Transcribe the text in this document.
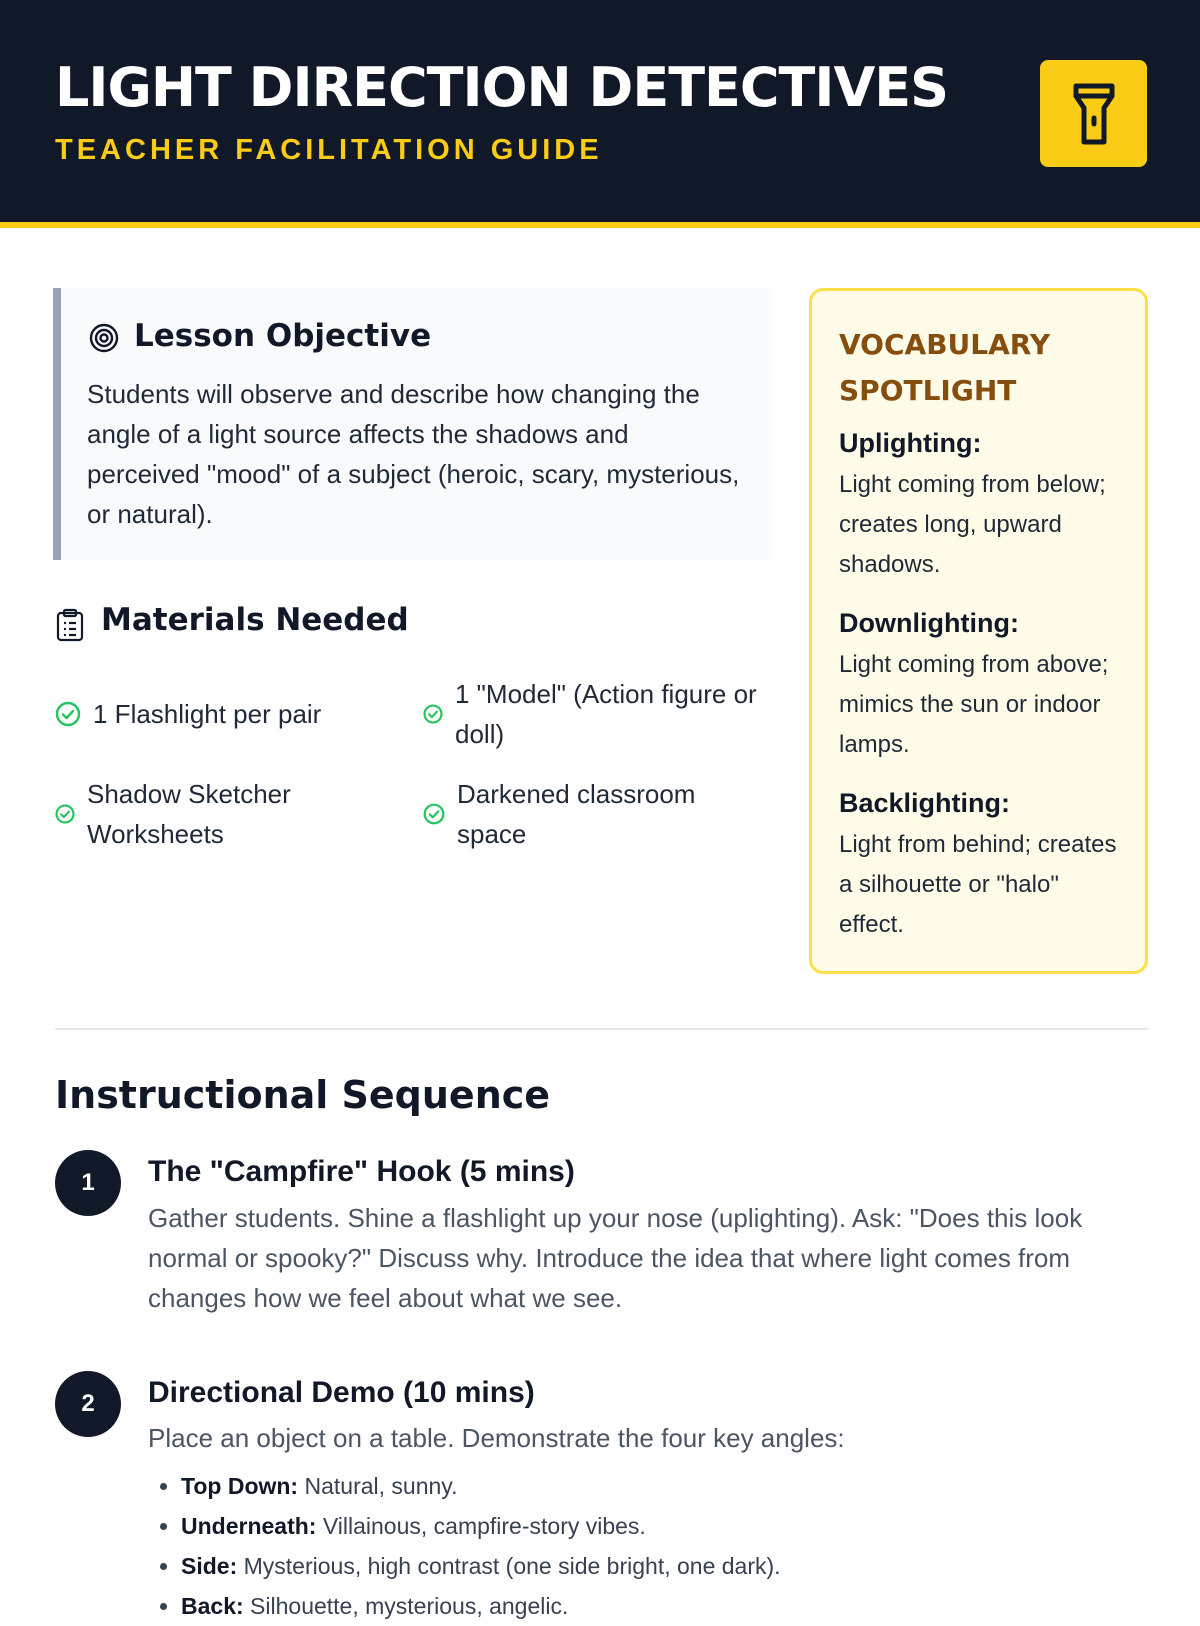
LIGHT DIRECTION DETECTIVES

TEACHER FACILITATION GUIDE

Lesson Objective

Students will observe and describe how changing the angle of a light source affects the shadows and perceived "mood" of a subject (heroic, scary, mysterious, or natural).

Materials Needed
1 Flashlight per pair
1 "Model" (Action figure or doll)
Shadow Sketcher Worksheets
Darkened classroom space
VOCABULARY SPOTLIGHT

Uplighting:

Light coming from below; creates long, upward shadows.

Downlighting:

Light coming from above; mimics the sun or indoor lamps.

Backlighting:

Light from behind; creates a silhouette or "halo" effect.

Instructional Sequence
1	The "Campfire" Hook (5 mins)

Gather students. Shine a flashlight up your nose (uplighting). Ask: "Does this look normal or spooky?" Discuss why. Introduce the idea that where light comes from changes how we feel about what we see.

2	Directional Demo (10 mins)

Place an object on a table. Demonstrate the four key angles:

• Top Down: Natural, sunny.
• Underneath: Villainous, campfire-story vibes.
• Side: Mysterious, high contrast (one side bright, one dark).
• Back: Silhouette, mysterious, angelic.
